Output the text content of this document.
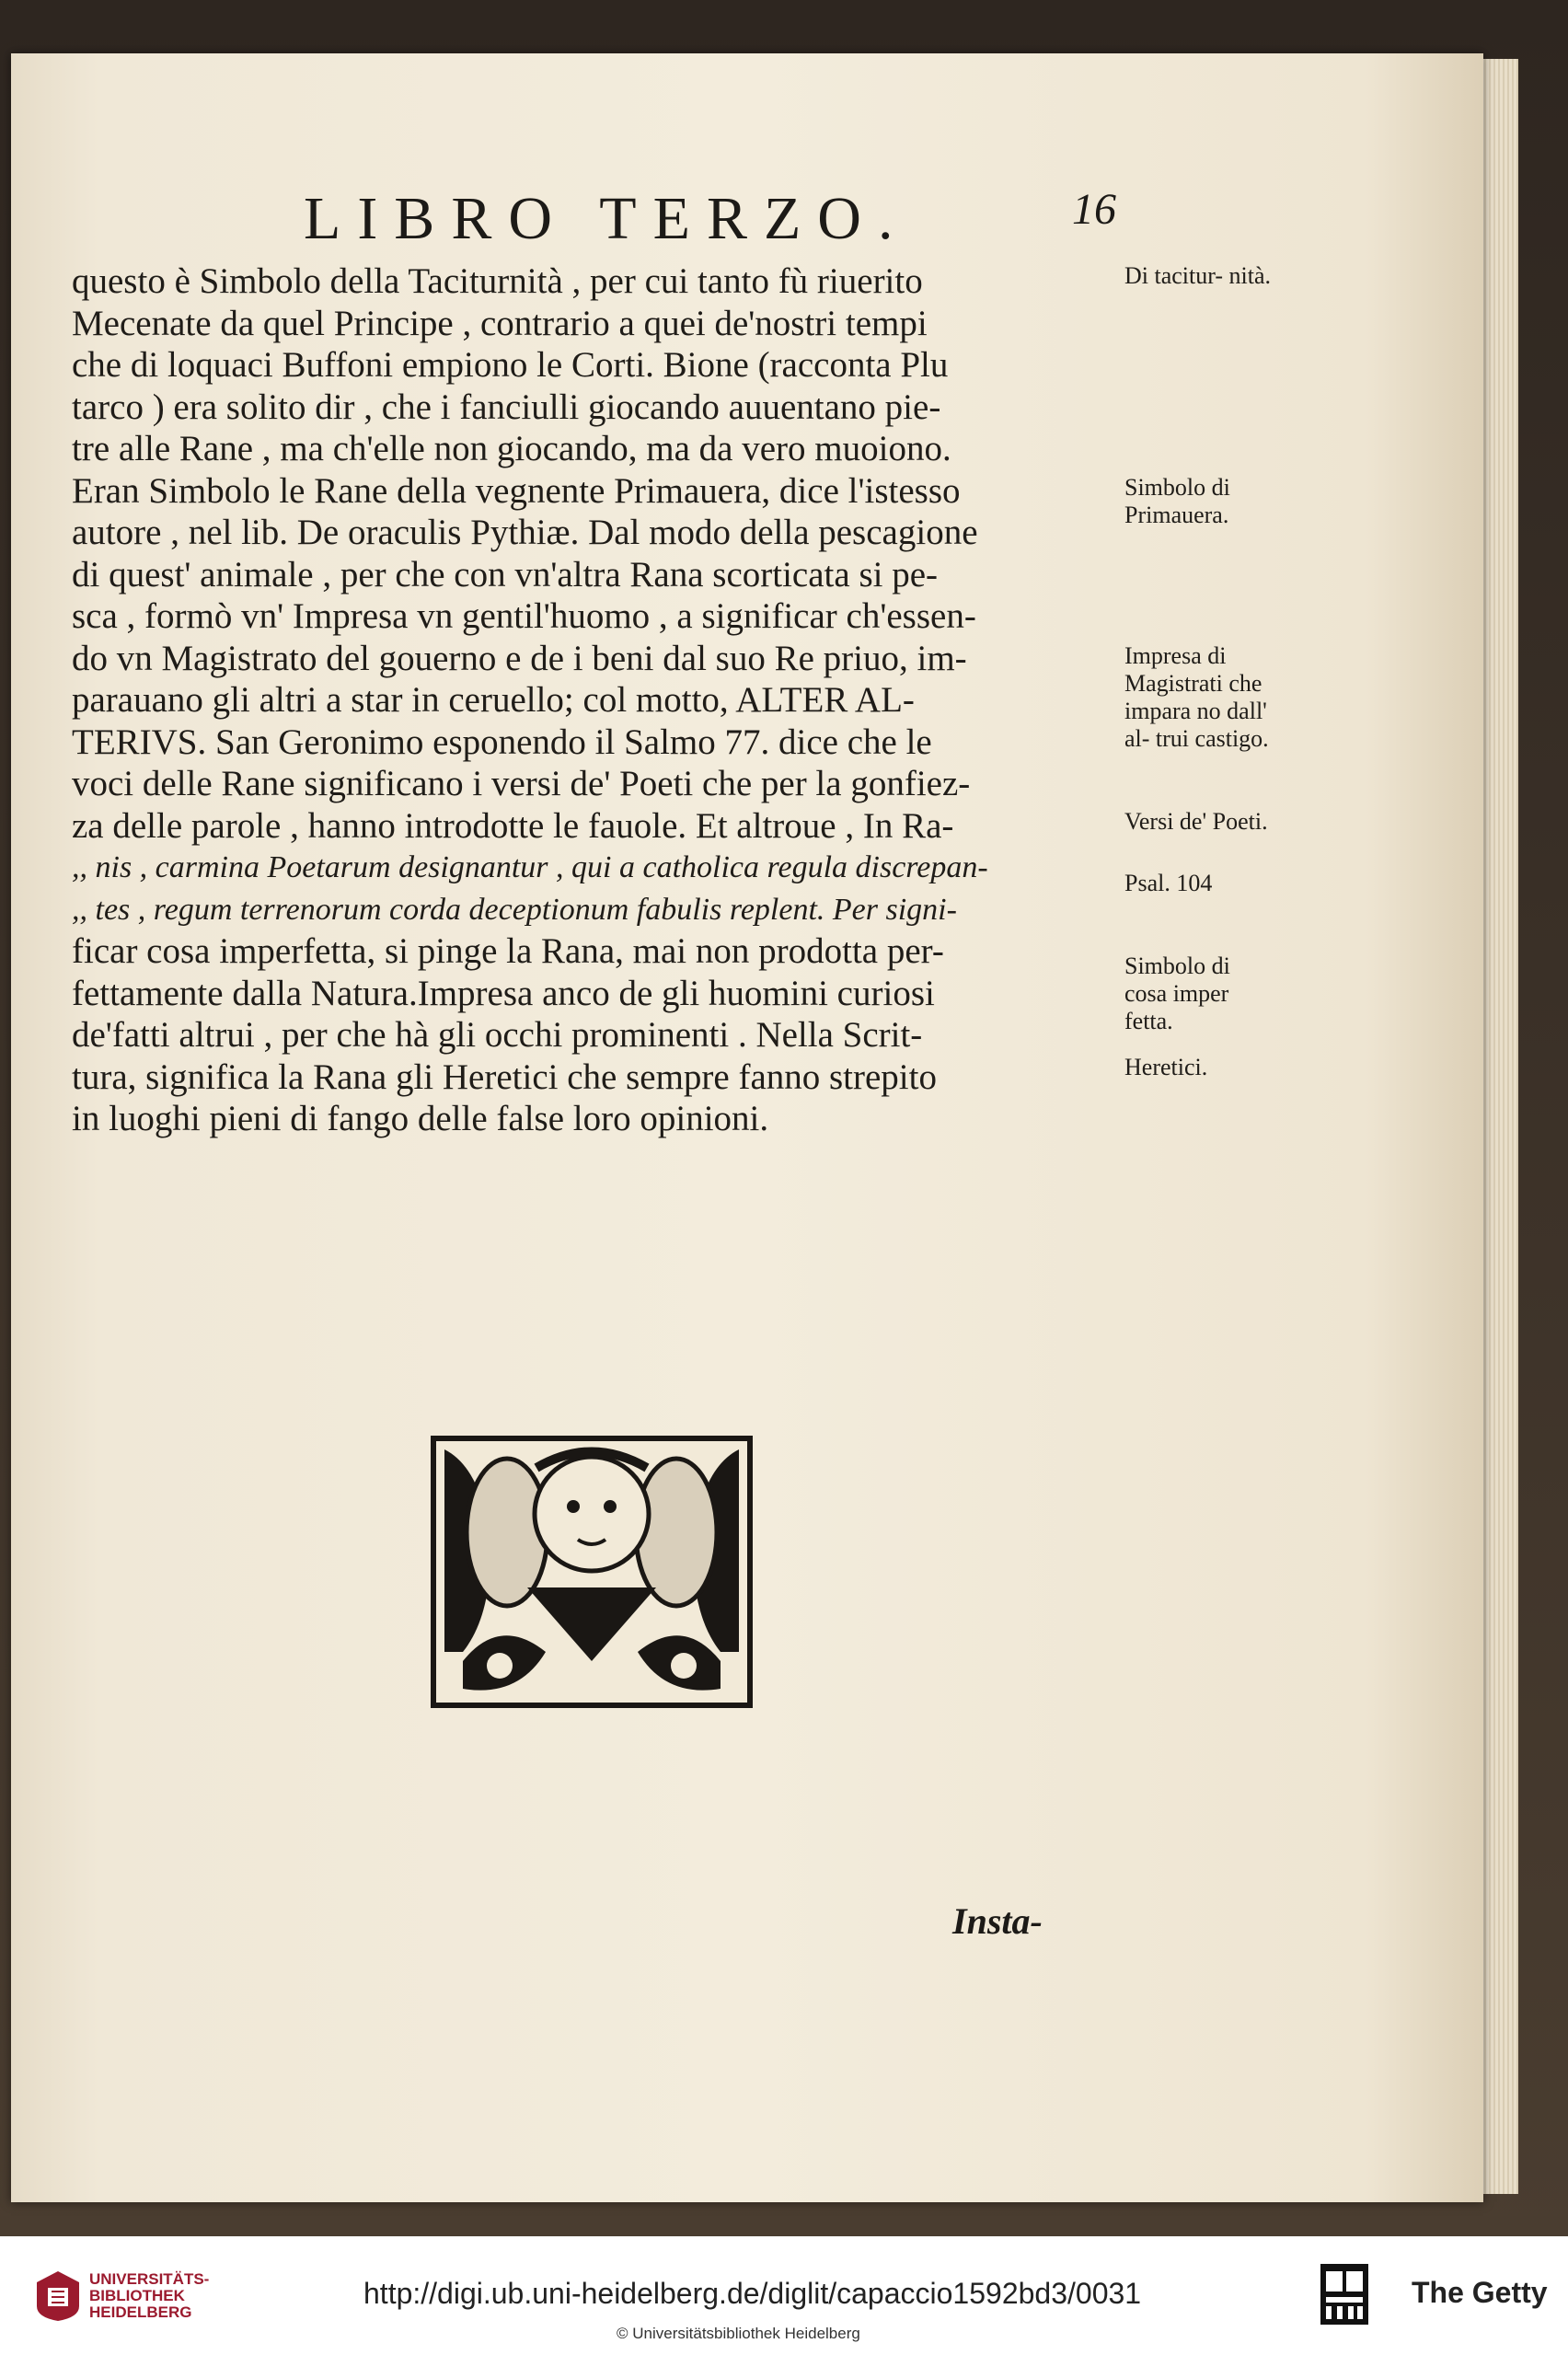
LIBRO TERZO.	16
questo è Simbolo della Taciturnità , per cui tanto fù riuerito
Mecenate da quel Principe , contrario a quei de'nostri tempi
che di loquaci Buffoni empiono le Corti. Bione (racconta Plu
tarco ) era solito dir , che i fanciulli giocando auuentano pie-
tre alle Rane , ma ch'elle non giocando, ma da vero muoiono.
Eran Simbolo le Rane della vegnente Primauera, dice l'istesso
autore , nel lib. De oraculis Pythiæ. Dal modo della pescagione
di quest' animale , per che con vn'altra Rana scorticata si pe-
sca , formò vn' Impresa vn gentil'huomo , a significar ch'essen-
do vn Magistrato del gouerno e de i beni dal suo Re priuo, im-
parauano gli altri a star in ceruello; col motto, ALTER AL-
TERIVS. San Geronimo esponendo il Salmo 77. dice che le
voci delle Rane significano i versi de' Poeti che per la gonfiez-
za delle parole , hanno introdotte le fauole. Et altroue , In Ra-
,, nis , carmina Poetarum designantur , qui a catholica regula discrepan-
,, tes , regum terrenorum corda deceptionum fabulis replent. Per signi-
ficar cosa imperfetta, si pinge la Rana, mai non prodotta per-
fettamente dalla Natura.Impresa anco de gli huomini curiosi
de'fatti altrui , per che hà gli occhi prominenti . Nella Scrit-
tura, significa la Rana gli Heretici che sempre fanno strepito
in luoghi pieni di fango delle false loro opinioni.
Di tacitur- nità.
Simbolo di Primauera.
Impresa di Magistrati che impara no dall' al- trui castigo.
Versi de' Poeti.
Psal. 104
Simbolo di cosa imper fetta.
Heretici.
Insta-
UNIVERSITÄTS- BIBLIOTHEK HEIDELBERG
http://digi.ub.uni-heidelberg.de/diglit/capaccio1592bd3/0031
© Universitätsbibliothek Heidelberg
The Getty
